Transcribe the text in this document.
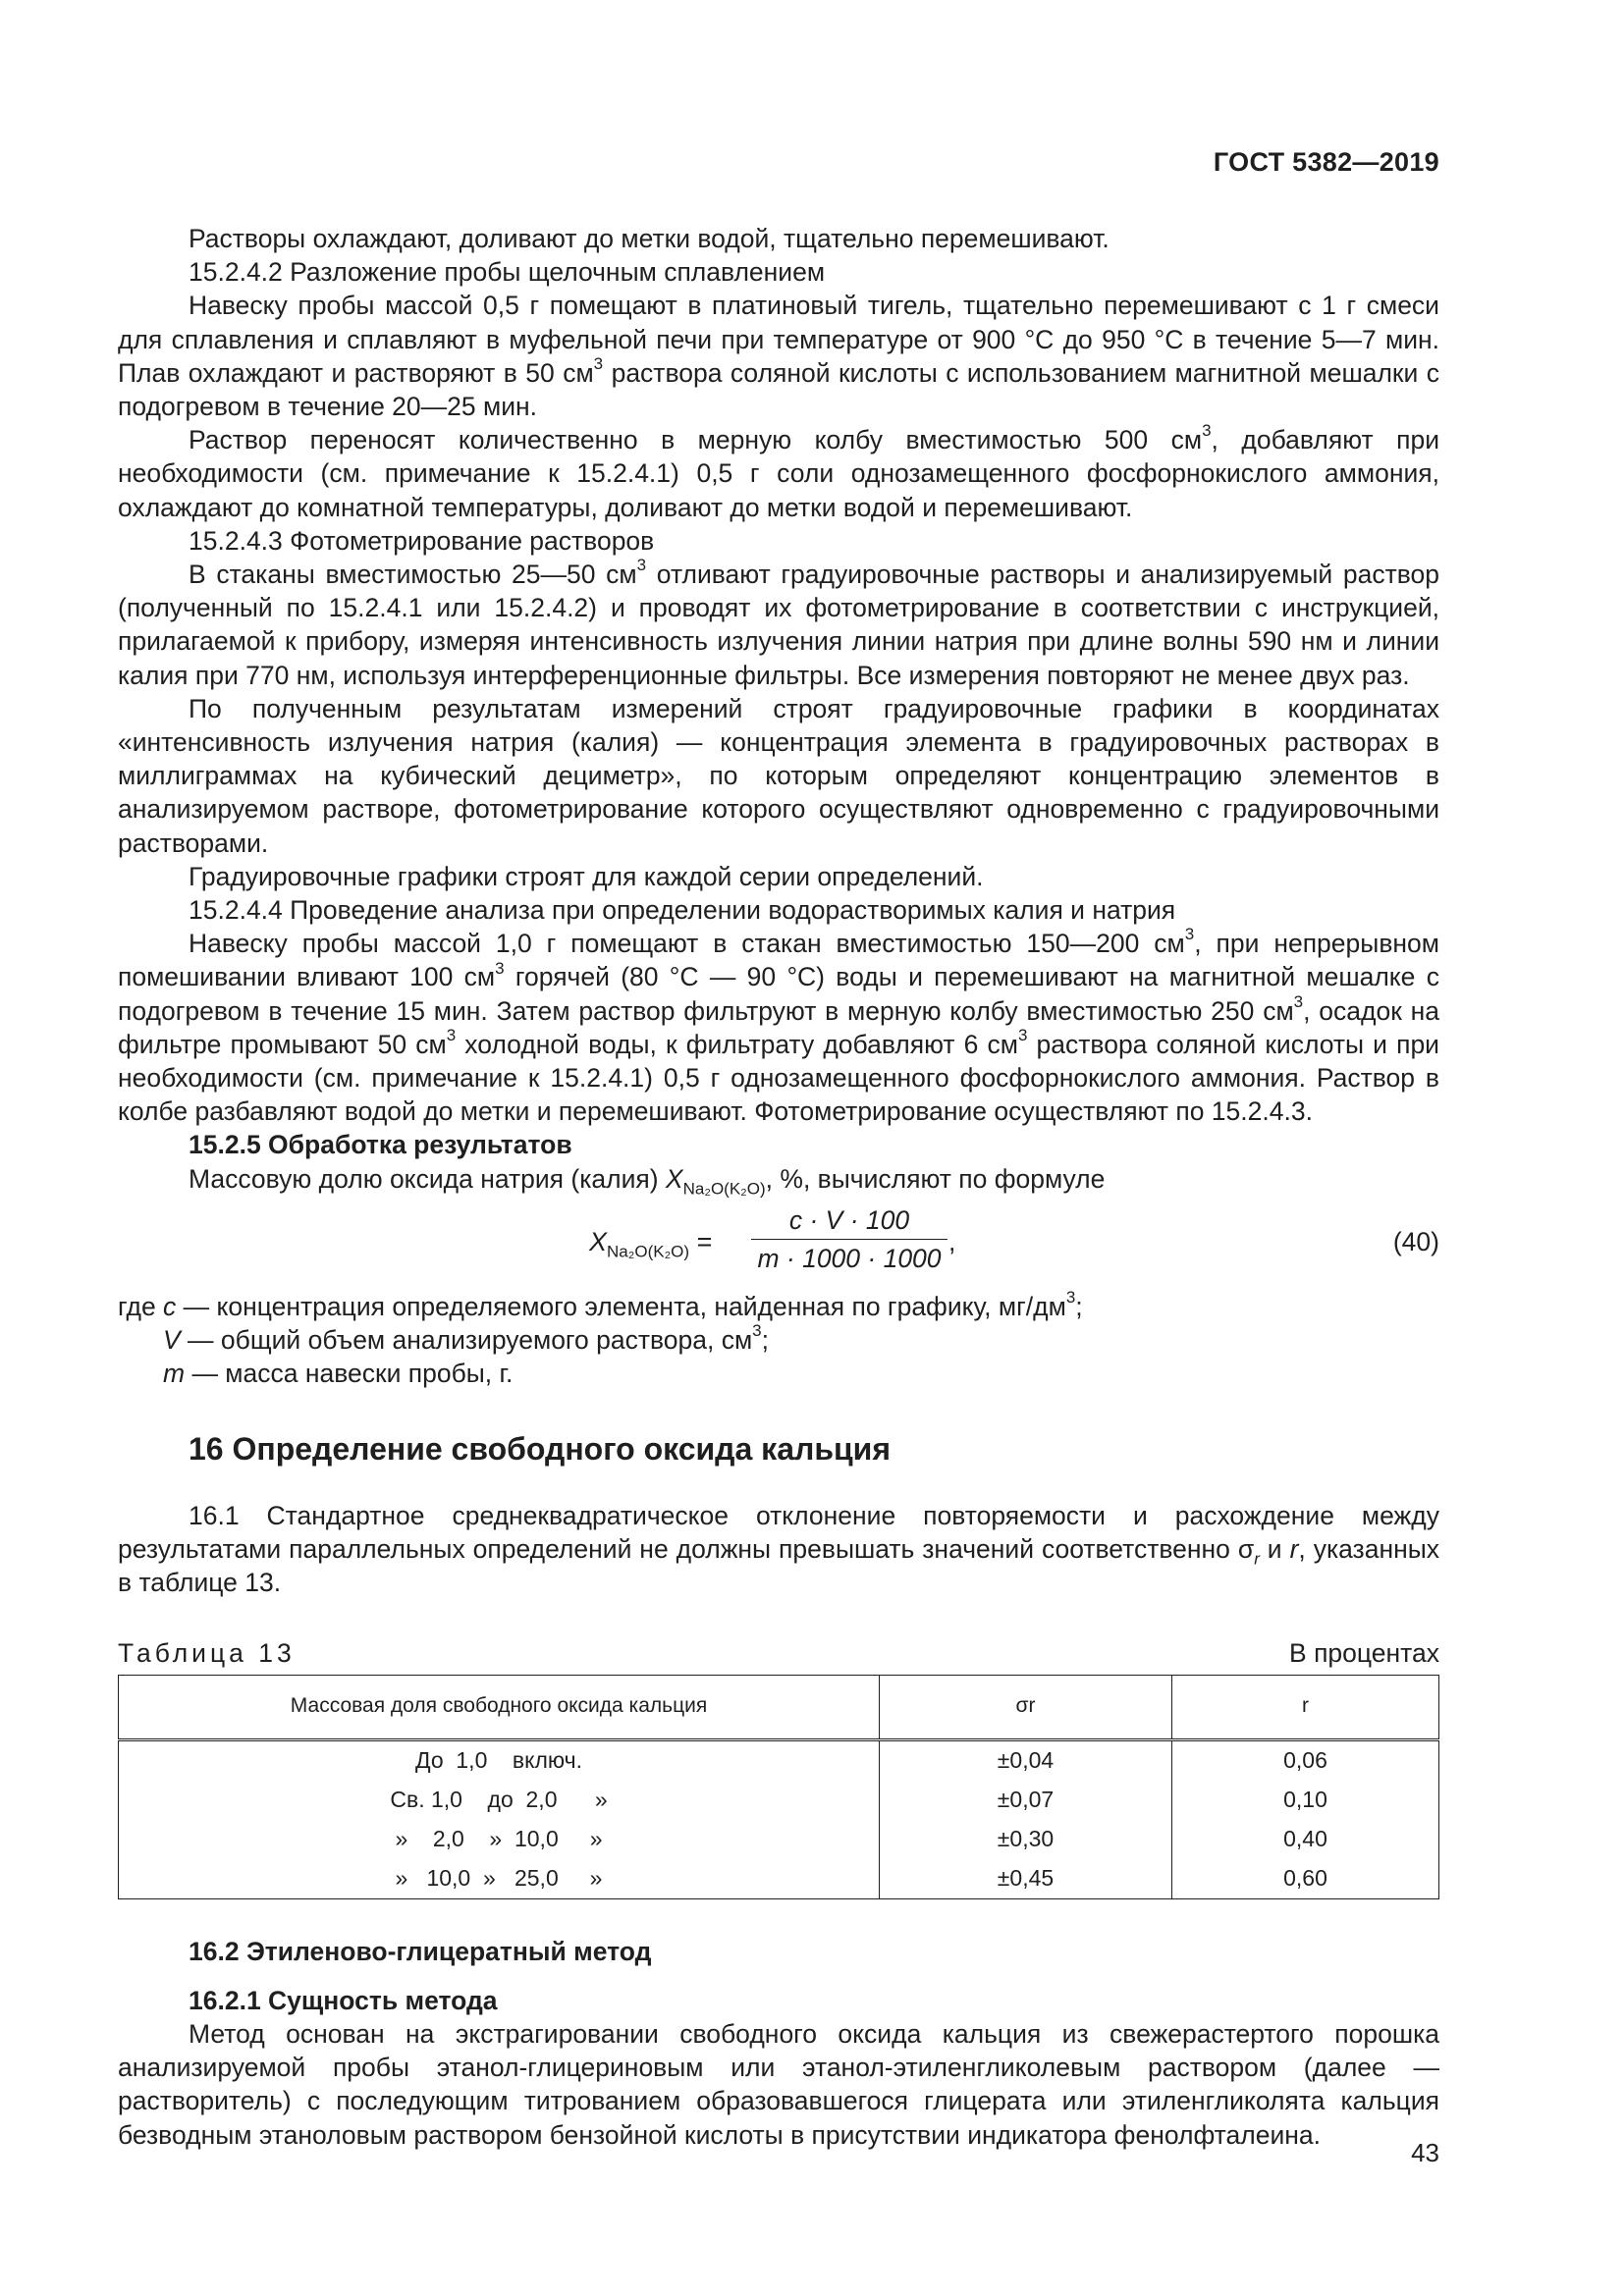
ГОСТ 5382—2019

Растворы охлаждают, доливают до метки водой, тщательно перемешивают.

15.2.4.2 Разложение пробы щелочным сплавлением

Навеску пробы массой 0,5 г помещают в платиновый тигель, тщательно перемешивают с 1 г смеси для сплавления и сплавляют в муфельной печи при температуре от 900 °С до 950 °С в течение 5—7 мин. Плав охлаждают и растворяют в 50 $см^3$ раствора соляной кислоты с использованием магнитной мешалки с подогревом в течение 20—25 мин.

Раствор переносят количественно в мерную колбу вместимостью 500 $см^3$, добавляют при необходимости (см. примечание к 15.2.4.1) 0,5 г соли однозамещенного фосфорнокислого аммония, охлаждают до комнатной температуры, доливают до метки водой и перемешивают.

15.2.4.3 Фотометрирование растворов

В стаканы вместимостью 25—50 $см^3$ отливают градуировочные растворы и анализируемый раствор (полученный по 15.2.4.1 или 15.2.4.2) и проводят их фотометрирование в соответствии с инструкцией, прилагаемой к прибору, измеряя интенсивность излучения линии натрия при длине волны 590 нм и линии калия при 770 нм, используя интерференционные фильтры. Все измерения повторяют не менее двух раз.

По полученным результатам измерений строят градуировочные графики в координатах «интенсивность излучения натрия (калия) — концентрация элемента в градуировочных растворах в миллиграммах на кубический дециметр», по которым определяют концентрацию элементов в анализируемом растворе, фотометрирование которого осуществляют одновременно с градуировочными растворами.

Градуировочные графики строят для каждой серии определений.

15.2.4.4 Проведение анализа при определении водорастворимых калия и натрия

Навеску пробы массой 1,0 г помещают в стакан вместимостью 150—200 $см^3$, при непрерывном помешивании вливают 100 $см^3$ горячей (80 °С — 90 °С) воды и перемешивают на магнитной мешалке с подогревом в течение 15 мин. Затем раствор фильтруют в мерную колбу вместимостью 250 $см^3$, осадок на фильтре промывают 50 $см^3$ холодной воды, к фильтрату добавляют 6 $см^3$ раствора соляной кислоты и при необходимости (см. примечание к 15.2.4.1) 0,5 г однозамещенного фосфорнокислого аммония. Раствор в колбе разбавляют водой до метки и перемешивают. Фотометрирование осуществляют по 15.2.4.3.

15.2.5 Обработка результатов

Массовую долю оксида натрия (калия) $X_{Na_2O(K_2O)}$, %, вычисляют по формуле

$X_{Na_2O(K_2O)} = \frac{c \cdot V \cdot 100}{m \cdot 1000 \cdot 1000}$ ,	(40)

где с — концентрация определяемого элемента, найденная по графику, $мг/дм^3$;

V — общий объем анализируемого раствора, $см^3$;

m — масса навески пробы, г.

16 Определение свободного оксида кальция

16.1 Стандартное среднеквадратическое отклонение повторяемости и расхождение между результатами параллельных определений не должны превышать значений соответственно $\sigma_r$ и r, указанных в таблице 13.

Таблица 13	В процентах
Массовая доля свободного оксида кальция	σr	r
До  1,0    включ.	±0,04	0,06
Св. 1,0    до  2,0      »	±0,07	0,10
»    2,0    »  10,0     »	±0,30	0,40
»   10,0  »   25,0     »	±0,45	0,60

16.2 Этиленово-глицератный метод

16.2.1 Сущность метода

Метод основан на экстрагировании свободного оксида кальция из свежерастертого порошка анализируемой пробы этанол-глицериновым или этанол-этиленгликолевым раствором (далее — растворитель) с последующим титрованием образовавшегося глицерата или этиленгликолята кальция безводным этаноловым раствором бензойной кислоты в присутствии индикатора фенолфталеина.

43
